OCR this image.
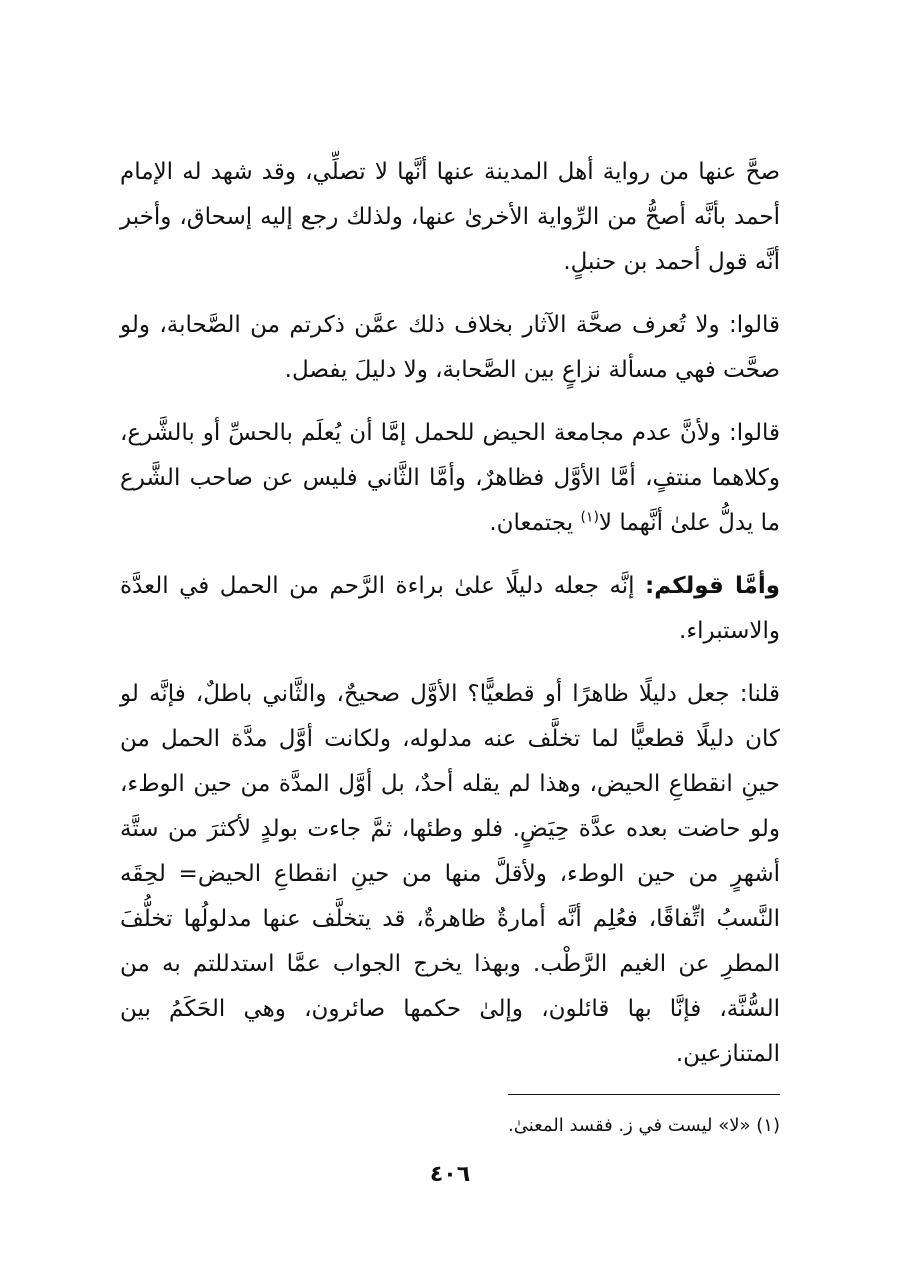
صحَّ عنها من رواية أهل المدينة عنها أنَّها لا تصلِّي، وقد شهد له الإمام أحمد بأنَّه أصحُّ من الرِّواية الأخرىٰ عنها، ولذلك رجع إليه إسحاق، وأخبر أنَّه قول أحمد بن حنبلٍ.

قالوا: ولا تُعرف صحَّة الآثار بخلاف ذلك عمَّن ذكرتم من الصَّحابة، ولو صحَّت فهي مسألة نزاعٍ بين الصَّحابة، ولا دليلَ يفصل.

قالوا: ولأنَّ عدم مجامعة الحيض للحمل إمَّا أن يُعلَم بالحسِّ أو بالشَّرع، وكلاهما منتفٍ، أمَّا الأوَّل فظاهرٌ، وأمَّا الثَّاني فليس عن صاحب الشَّرع ما يدلُّ علىٰ أنَّهما لا$^{(١)}$ يجتمعان.

وأمَّا قولكم: إنَّه جعله دليلًا علىٰ براءة الرَّحم من الحمل في العدَّة والاستبراء.

قلنا: جعل دليلًا ظاهرًا أو قطعيًّا؟ الأوَّل صحيحٌ، والثَّاني باطلٌ، فإنَّه لو كان دليلًا قطعيًّا لما تخلَّف عنه مدلوله، ولكانت أوَّل مدَّة الحمل من حينِ انقطاعِ الحيض، وهذا لم يقله أحدٌ، بل أوَّل المدَّة من حين الوطء، ولو حاضت بعده عدَّة حِيَضٍ. فلو وطئها، ثمَّ جاءت بولدٍ لأكثرَ من ستَّة أشهرٍ من حين الوطء، ولأقلَّ منها من حينِ انقطاعِ الحيض= لحِقَه النَّسبُ اتِّفاقًا، فعُلِم أنَّه أمارةٌ ظاهرةٌ، قد يتخلَّف عنها مدلولُها تخلُّفَ المطرِ عن الغيم الرَّطْب. وبهذا يخرج الجواب عمَّا استدللتم به من السُّنَّة، فإنَّا بها قائلون، وإلىٰ حكمها صائرون، وهي الحَكَمُ بين المتنازعين.

(١) «لا» ليست في ز. فقسد المعنىٰ.

٤٠٦
